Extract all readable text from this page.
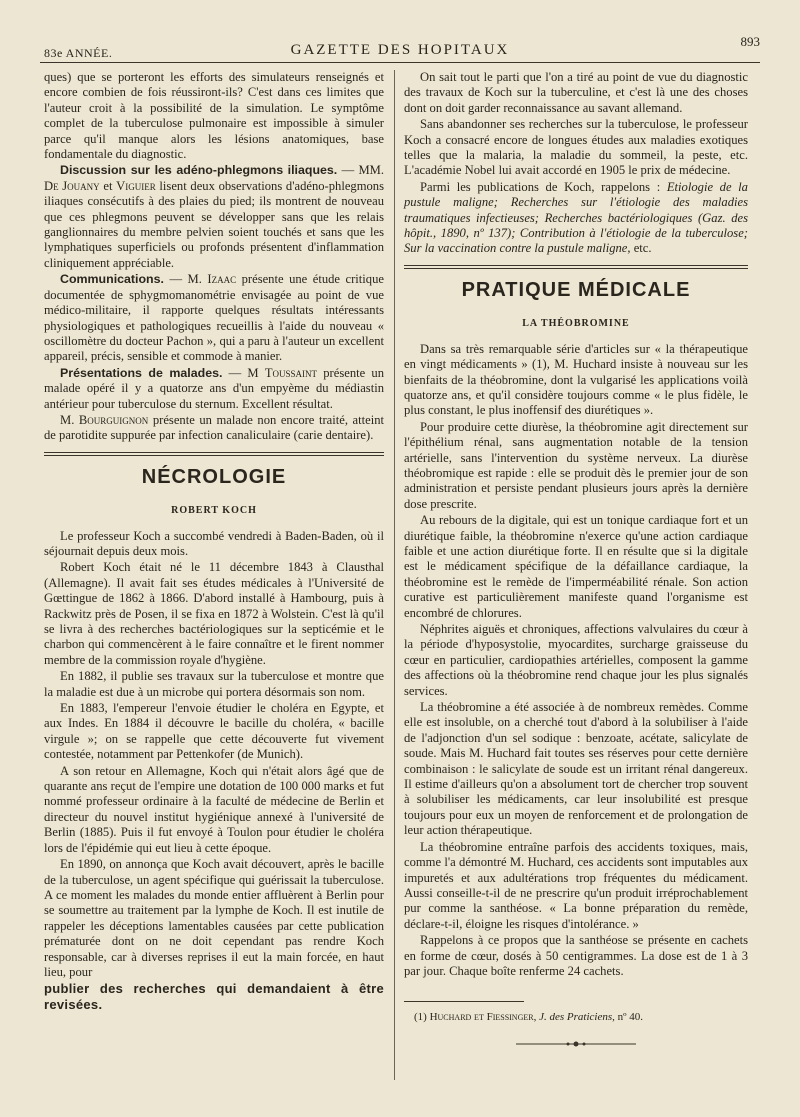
83e ANNÉE.	GAZETTE DES HOPITAUX
893

ques) que se porteront les efforts des simulateurs renseignés et encore combien de fois réussiront-ils? C'est dans ces limites que l'auteur croit à la possibilité de la simulation. Le symptôme complet de la tuberculose pulmonaire est impossible à simuler parce qu'il manque alors les lésions anatomiques, base fondamentale du diagnostic.

Discussion sur les adéno-phlegmons iliaques. — MM. De Jouany et Viguier lisent deux observations d'adéno-phlegmons iliaques consécutifs à des plaies du pied; ils montrent de nouveau que ces phlegmons peuvent se développer sans que les relais ganglionnaires du membre pelvien soient touchés et sans que les lymphatiques superficiels ou profonds présentent d'inflammation cliniquement appréciable.

Communications. — M. Izaac présente une étude critique documentée de sphygmomanométrie envisagée au point de vue médico-militaire, il rapporte quelques résultats intéressants physiologiques et pathologiques recueillis à l'aide du nouveau « oscillomètre du docteur Pachon », qui a paru à l'auteur un excellent appareil, précis, sensible et commode à manier.

Présentations de malades. — M Toussaint présente un malade opéré il y a quatorze ans d'un empyème du médiastin antérieur pour tuberculose du sternum. Excellent résultat.

M. Bourguignon présente un malade non encore traité, atteint de parotidite suppurée par infection canaliculaire (carie dentaire).

NÉCROLOGIE
ROBERT KOCH

Le professeur Koch a succombé vendredi à Baden-Baden, où il séjournait depuis deux mois.

Robert Koch était né le 11 décembre 1843 à Clausthal (Allemagne). Il avait fait ses études médicales à l'Université de Gœttingue de 1862 à 1866. D'abord installé à Hambourg, puis à Rackwitz près de Posen, il se fixa en 1872 à Wolstein. C'est là qu'il se livra à des recherches bactériologiques sur la septicémie et le charbon qui commencèrent à le faire connaître et le firent nommer membre de la commission royale d'hygiène.

En 1882, il publie ses travaux sur la tuberculose et montre que la maladie est due à un microbe qui portera désormais son nom.

En 1883, l'empereur l'envoie étudier le choléra en Egypte, et aux Indes. En 1884 il découvre le bacille du choléra, « bacille virgule »; on se rappelle que cette découverte fut vivement contestée, notamment par Pettenkofer (de Munich).

A son retour en Allemagne, Koch qui n'était alors âgé que de quarante ans reçut de l'empire une dotation de 100 000 marks et fut nommé professeur ordinaire à la faculté de médecine de Berlin et directeur du nouvel institut hygiénique annexé à l'université de Berlin (1885). Puis il fut envoyé à Toulon pour étudier le choléra lors de l'épidémie qui eut lieu à cette époque.

En 1890, on annonça que Koch avait découvert, après le bacille de la tuberculose, un agent spécifique qui guérissait la tuberculose. A ce moment les malades du monde entier affluèrent à Berlin pour se soumettre au traitement par la lymphe de Koch. Il est inutile de rappeler les déceptions lamentables causées par cette publication prématurée dont on ne doit cependant pas rendre Koch responsable, car à diverses reprises il eut la main forcée, en haut lieu, pour

publier des recherches qui demandaient à être revisées.

On sait tout le parti que l'on a tiré au point de vue du diagnostic des travaux de Koch sur la tuberculine, et c'est là une des choses dont on doit garder reconnaissance au savant allemand.

Sans abandonner ses recherches sur la tuberculose, le professeur Koch a consacré encore de longues études aux maladies exotiques telles que la malaria, la maladie du sommeil, la peste, etc. L'académie Nobel lui avait accordé en 1905 le prix de médecine.

Parmi les publications de Koch, rappelons : Etiologie de la pustule maligne; Recherches sur l'étiologie des maladies traumatiques infectieuses; Recherches bactériologiques (Gaz. des hôpit., 1890, nº 137); Contribution à l'étiologie de la tuberculose; Sur la vaccination contre la pustule maligne, etc.

PRATIQUE MÉDICALE
LA THÉOBROMINE

Dans sa très remarquable série d'articles sur « la thérapeutique en vingt médicaments » (1), M. Huchard insiste à nouveau sur les bienfaits de la théobromine, dont la vulgarisé les applications voilà quatorze ans, et qu'il considère toujours comme « le plus fidèle, le plus constant, le plus inoffensif des diurétiques ».

Pour produire cette diurèse, la théobromine agit directement sur l'épithélium rénal, sans augmentation notable de la tension artérielle, sans l'intervention du système nerveux. La diurèse théobromique est rapide : elle se produit dès le premier jour de son administration et persiste pendant plusieurs jours après la dernière dose prescrite.

Au rebours de la digitale, qui est un tonique cardiaque fort et un diurétique faible, la théobromine n'exerce qu'une action cardiaque faible et une action diurétique forte. Il en résulte que si la digitale est le médicament spécifique de la défaillance cardiaque, la théobromine est le remède de l'imperméabilité rénale. Son action curative est particulièrement manifeste quand l'organisme est encombré de chlorures.

Néphrites aiguës et chroniques, affections valvulaires du cœur à la période d'hyposystolie, myocardites, surcharge graisseuse du cœur en particulier, cardiopathies artérielles, composent la gamme des affections où la théobromine rend chaque jour les plus signalés services.

La théobromine a été associée à de nombreux remèdes. Comme elle est insoluble, on a cherché tout d'abord à la solubiliser à l'aide de l'adjonction d'un sel sodique : benzoate, acétate, salicylate de soude. Mais M. Huchard fait toutes ses réserves pour cette dernière combinaison : le salicylate de soude est un irritant rénal dangereux. Il estime d'ailleurs qu'on a absolument tort de chercher trop souvent à solubiliser les médicaments, car leur insolubilité est presque toujours pour eux un moyen de renforcement et de prolongation de leur action thérapeutique.

La théobromine entraîne parfois des accidents toxiques, mais, comme l'a démontré M. Huchard, ces accidents sont imputables aux impuretés et aux adultérations trop fréquentes du médicament. Aussi conseille-t-il de ne prescrire qu'un produit irréprochablement pur comme la santhéose. « La bonne préparation du remède, déclare-t-il, éloigne les risques d'intolérance. »

Rappelons à ce propos que la santhéose se présente en cachets en forme de cœur, dosés à 50 centigrammes. La dose est de 1 à 3 par jour. Chaque boîte renferme 24 cachets.

(1) Huchard et Fiessinger, J. des Praticiens, nº 40.
